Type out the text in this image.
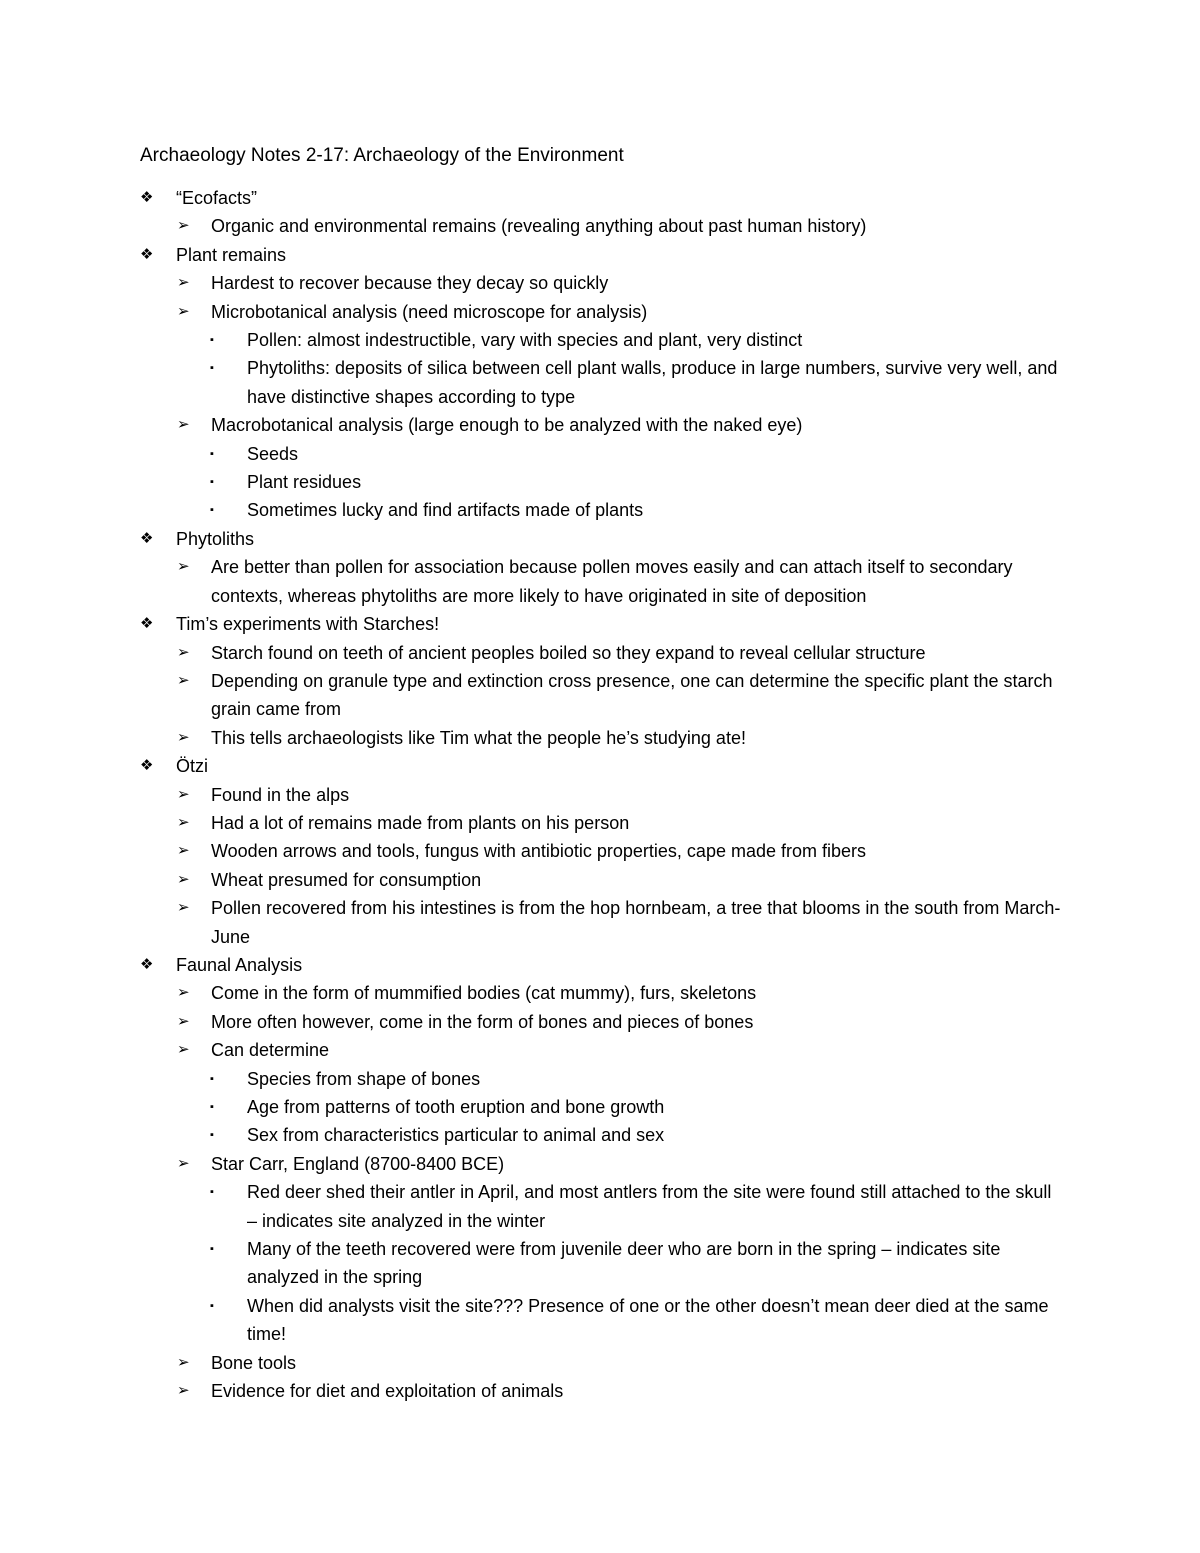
Archaeology Notes 2-17: Archaeology of the Environment
❖	“Ecofacts”
➢	Organic and environmental remains (revealing anything about past human history)
❖	Plant remains
➢	Hardest to recover because they decay so quickly
➢	Microbotanical analysis (need microscope for analysis)
▪	Pollen: almost indestructible, vary with species and plant, very distinct
▪	Phytoliths: deposits of silica between cell plant walls, produce in large numbers, survive very well, and have distinctive shapes according to type
➢	Macrobotanical analysis (large enough to be analyzed with the naked eye)
▪	Seeds
▪	Plant residues
▪	Sometimes lucky and find artifacts made of plants
❖	Phytoliths
➢	Are better than pollen for association because pollen moves easily and can attach itself to secondary contexts, whereas phytoliths are more likely to have originated in site of deposition
❖	Tim’s experiments with Starches!
➢	Starch found on teeth of ancient peoples boiled so they expand to reveal cellular structure
➢	Depending on granule type and extinction cross presence, one can determine the specific plant the starch grain came from
➢	This tells archaeologists like Tim what the people he’s studying ate!
❖	Ötzi
➢	Found in the alps
➢	Had a lot of remains made from plants on his person
➢	Wooden arrows and tools, fungus with antibiotic properties, cape made from fibers
➢	Wheat presumed for consumption
➢	Pollen recovered from his intestines is from the hop hornbeam, a tree that blooms in the south from March-June
❖	Faunal Analysis
➢	Come in the form of mummified bodies (cat mummy), furs, skeletons
➢	More often however, come in the form of bones and pieces of bones
➢	Can determine
▪	Species from shape of bones
▪	Age from patterns of tooth eruption and bone growth
▪	Sex from characteristics particular to animal and sex
➢	Star Carr, England (8700-8400 BCE)
▪	Red deer shed their antler in April, and most antlers from the site were found still attached to the skull – indicates site analyzed in the winter
▪	Many of the teeth recovered were from juvenile deer who are born in the spring – indicates site analyzed in the spring
▪	When did analysts visit the site??? Presence of one or the other doesn’t mean deer died at the same time!
➢	Bone tools
➢	Evidence for diet and exploitation of animals
